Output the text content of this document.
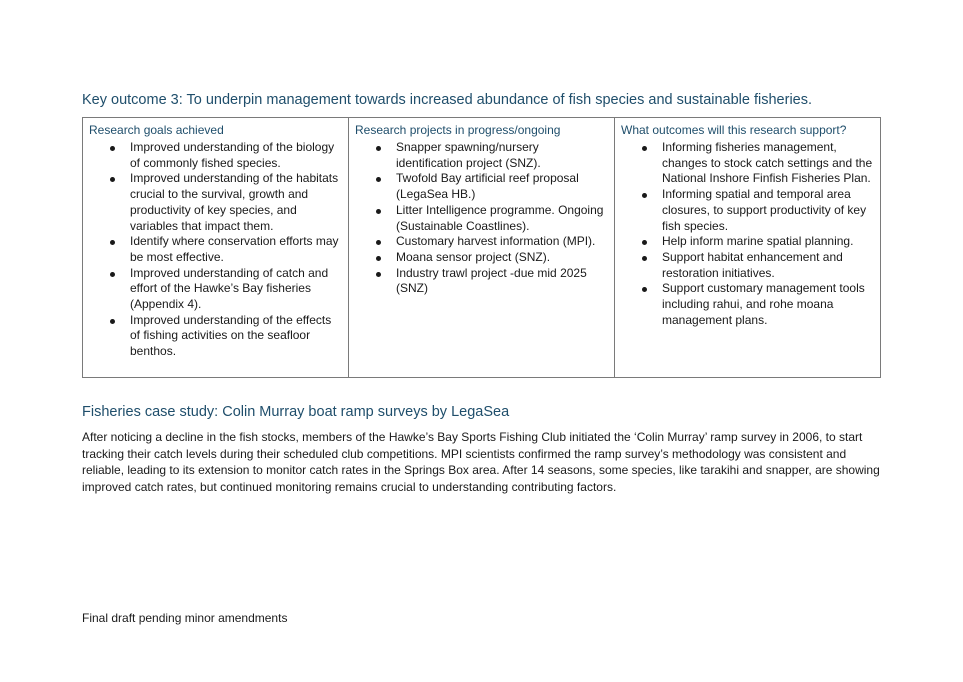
Key outcome 3: To underpin management towards increased abundance of fish species and sustainable fisheries.
Research goals achieved
Improved understanding of the biology of commonly fished species.
Improved understanding of the habitats crucial to the survival, growth and productivity of key species, and variables that impact them.
Identify where conservation efforts may be most effective.
Improved understanding of catch and effort of the Hawke’s Bay fisheries (Appendix 4).
Improved understanding of the effects of fishing activities on the seafloor benthos.
Research projects in progress/ongoing
Snapper spawning/nursery identification project (SNZ).
Twofold Bay artificial reef proposal (LegaSea HB.)
Litter Intelligence programme. Ongoing (Sustainable Coastlines).
Customary harvest information (MPI).
Moana sensor project (SNZ).
Industry trawl project -due mid 2025 (SNZ)
What outcomes will this research support?
Informing fisheries management, changes to stock catch settings and the National Inshore Finfish Fisheries Plan.
Informing spatial and temporal area closures, to support productivity of key fish species.
Help inform marine spatial planning.
Support habitat enhancement and restoration initiatives.
Support customary management tools including rahui, and rohe moana management plans.
Fisheries case study: Colin Murray boat ramp surveys by LegaSea

After noticing a decline in the fish stocks, members of the Hawke’s Bay Sports Fishing Club initiated the ‘Colin Murray’ ramp survey in 2006, to start tracking their catch levels during their scheduled club competitions. MPI scientists confirmed the ramp survey’s methodology was consistent and reliable, leading to its extension to monitor catch rates in the Springs Box area. After 14 seasons, some species, like tarakihi and snapper, are showing improved catch rates, but continued monitoring remains crucial to understanding contributing factors.

Final draft pending minor amendments
